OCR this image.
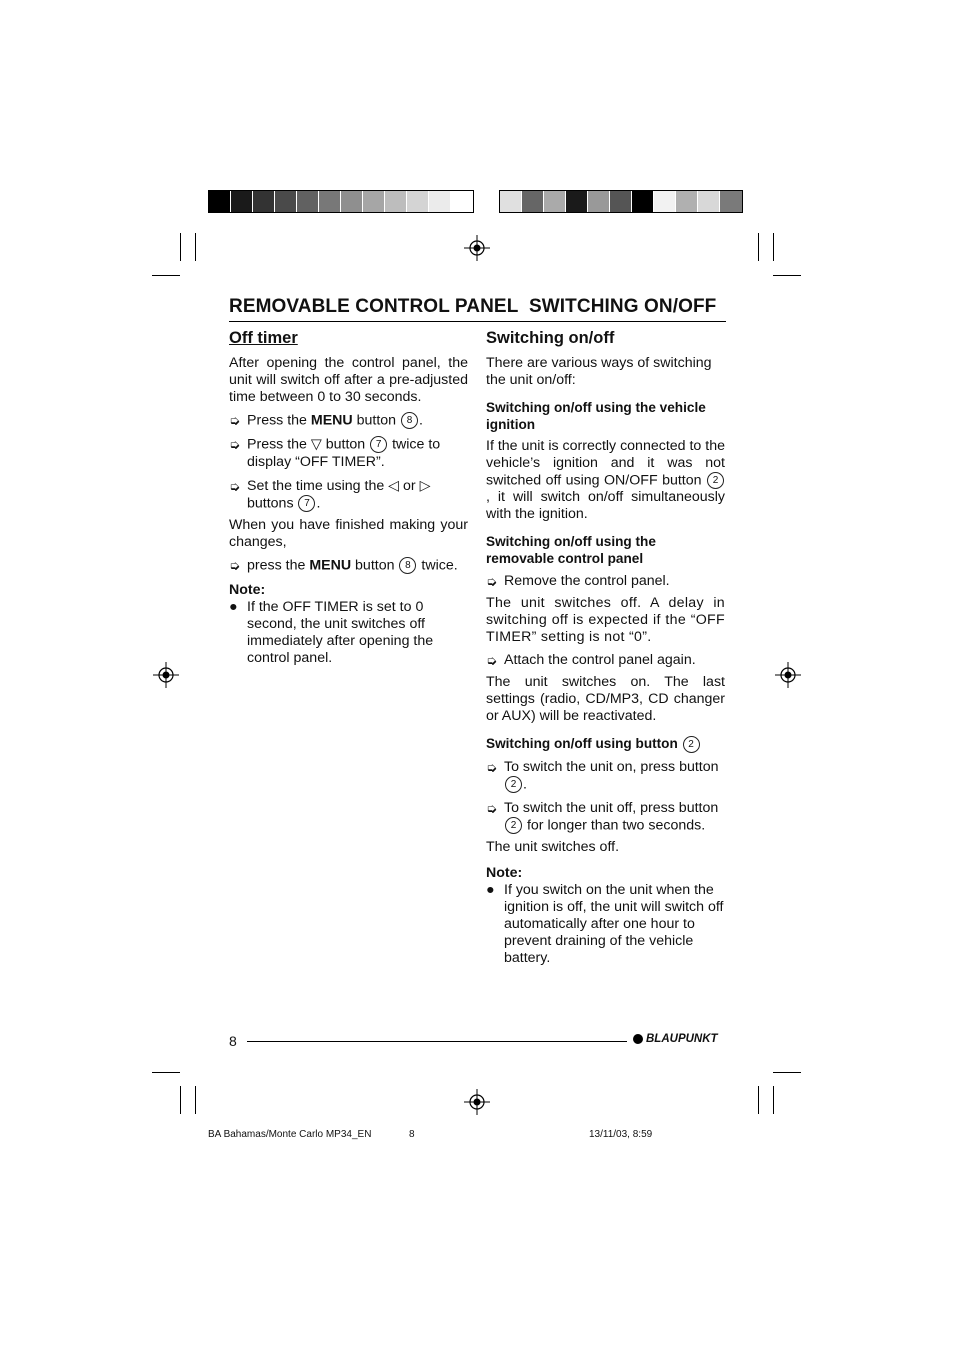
REMOVABLE CONTROL PANEL SWITCHING ON/OFF

Off timer

After opening the control panel, the unit will switch off after a pre-adjusted time between 0 to 30 seconds.

➭ Press the MENU button 8 .
➭ Press the ▽ button 7 twice to display “OFF TIMER”.
➭ Set the time using the ◁ or ▷ buttons 7 .

When you have finished making your changes,

➭ press the MENU button 8 twice.

Note:

● If the OFF TIMER is set to 0 second, the unit switches off immediately after opening the control panel.

Switching on/off

There are various ways of switching the unit on/off:

Switching on/off using the vehicle ignition

If the unit is correctly connected to the vehicle’s ignition and it was not switched off using ON/OFF button 2, it will switch on/off simultaneously with the ignition.

Switching on/off using the removable control panel

➭ Remove the control panel.

The unit switches off. A delay in switching off is expected if the “OFF TIMER” setting is not “0”.

➭ Attach the control panel again.

The unit switches on. The last settings (radio, CD/MP3, CD changer or AUX) will be reactivated.

Switching on/off using button 2

➭ To switch the unit on, press button 2 .
➭ To switch the unit off, press button 2 for longer than two seconds.

The unit switches off.

Note:

● If you switch on the unit when the ignition is off, the unit will switch off automatically after one hour to prevent draining of the vehicle battery.
8	BLAUPUNKT
BA Bahamas/Monte Carlo MP34_EN	8	13/11/03, 8:59
